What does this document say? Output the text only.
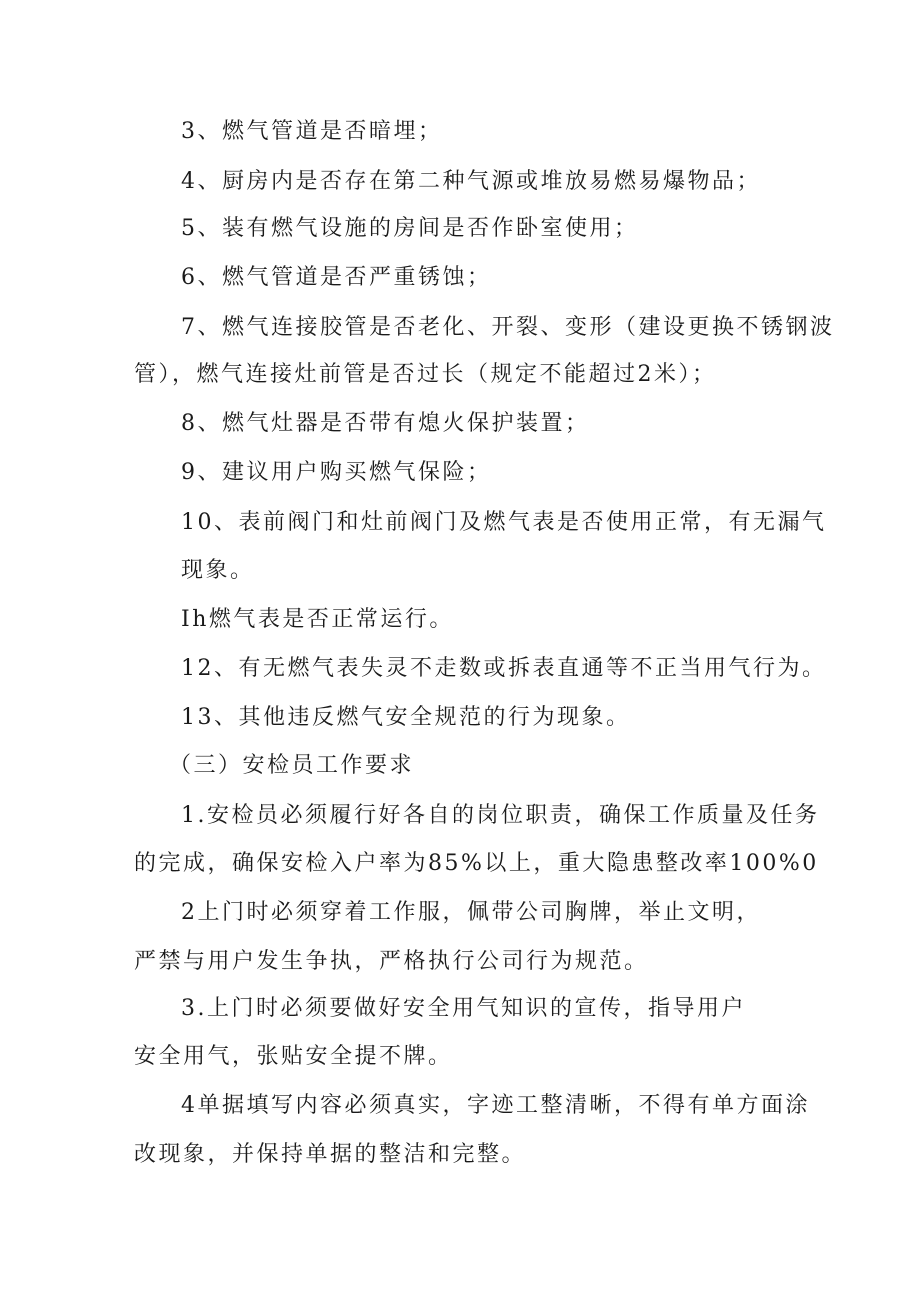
3、燃气管道是否暗埋；

4、厨房内是否存在第二种气源或堆放易燃易爆物品；

5、装有燃气设施的房间是否作卧室使用；

6、燃气管道是否严重锈蚀；

7、燃气连接胶管是否老化、开裂、变形（建设更换不锈钢波

管），燃气连接灶前管是否过长（规定不能超过2米）；

8、燃气灶器是否带有熄火保护装置；

9、建议用户购买燃气保险；

10、表前阀门和灶前阀门及燃气表是否使用正常，有无漏气

现象。

Ih燃气表是否正常运行。

12、有无燃气表失灵不走数或拆表直通等不正当用气行为。

13、其他违反燃气安全规范的行为现象。

（三）安检员工作要求

1.安检员必须履行好各自的岗位职责，确保工作质量及任务

的完成，确保安检入户率为85%以上，重大隐患整改率100%0

2上门时必须穿着工作服，佩带公司胸牌，举止文明，

严禁与用户发生争执，严格执行公司行为规范。

3.上门时必须要做好安全用气知识的宣传，指导用户

安全用气，张贴安全提不牌。

4单据填写内容必须真实，字迹工整清晰，不得有单方面涂

改现象，并保持单据的整洁和完整。
